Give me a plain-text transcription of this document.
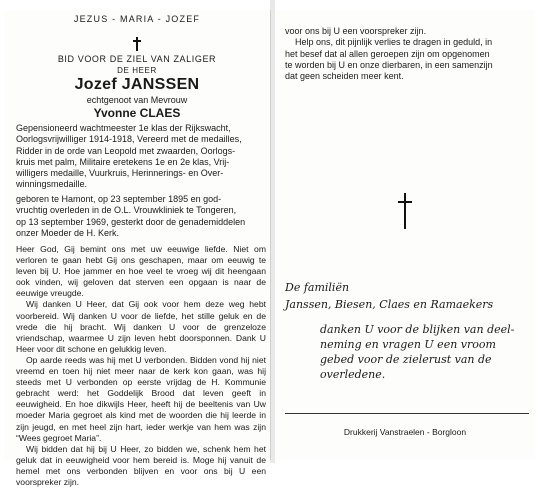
JEZUS - MARIA - JOZEF
BID VOOR DE ZIEL VAN ZALIGER
DE HEER
Jozef JANSSEN
echtgenoot van Mevrouw
Yvonne CLAES
Gepensioneerd wachtmeester 1e klas der Rijkswacht,
Oorlogsvrijwilliger 1914-1918, Vereerd met de medailles,
Ridder in de orde van Leopold met zwaarden, Oorlogs-
kruis met palm, Militaire eretekens 1e en 2e klas, Vrij-
willigers medaille, Vuurkruis, Herinnerings- en Over-
winningsmedaille.
geboren te Hamont, op 23 september 1895 en god-
vruchtig overleden in de O.L. Vrouwkliniek te Tongeren,
op 13 september 1969, gesterkt door de genademiddelen
onzer Moeder de H. Kerk.

Heer God, Gij bemint ons met uw eeuwige liefde. Niet om verloren te gaan hebt Gij ons geschapen, maar om eeuwig te leven bij U. Hoe jammer en hoe veel te vroeg wij dit heengaan ook vinden, wij geloven dat sterven een opgaan is naar de eeuwige vreugde.

Wij danken U Heer, dat Gij ook voor hem deze weg hebt voorbereid. Wij danken U voor de liefde, het stille geluk en de vrede die hij bracht. Wij danken U voor de grenzeloze vriendschap, waarmee U zijn leven hebt doorsponnen. Dank U Heer voor dit schone en gelukkig leven.

Op aarde reeds was hij met U verbonden. Bidden vond hij niet vreemd en toen hij niet meer naar de kerk kon gaan, was hij steeds met U verbonden op eerste vrijdag de H. Kommunie gebracht werd: het Goddelijk Brood dat leven geeft in eeuwigheid. En hoe dikwijls Heer, heeft hij de beeltenis van Uw moeder Maria gegroet als kind met de woorden die hij leerde in zijn jeugd, en met heel zijn hart, ieder werkje van hem was zijn “Wees gegroet Maria”.

Wij bidden dat hij bij U Heer, zo bidden we, schenk hem het geluk dat in eeuwigheid voor hem bereid is. Moge hij vanuit de hemel met ons verbonden blijven en voor ons bij U een voorspreker zijn.

voor ons bij U een voorspreker zijn.
Help ons, dit pijnlijk verlies te dragen in geduld, in
het besef dat al allen geroepen zijn om opgenomen
te worden bij U en onze dierbaren, in een samenzijn
dat geen scheiden meer kent.
De familiën
Janssen, Biesen, Claes en Ramaekers
danken U voor de blijken van deel-
neming en vragen U een vroom
gebed voor de zielerust van de
overledene.
Drukkerij Vanstraelen - Borgloon
